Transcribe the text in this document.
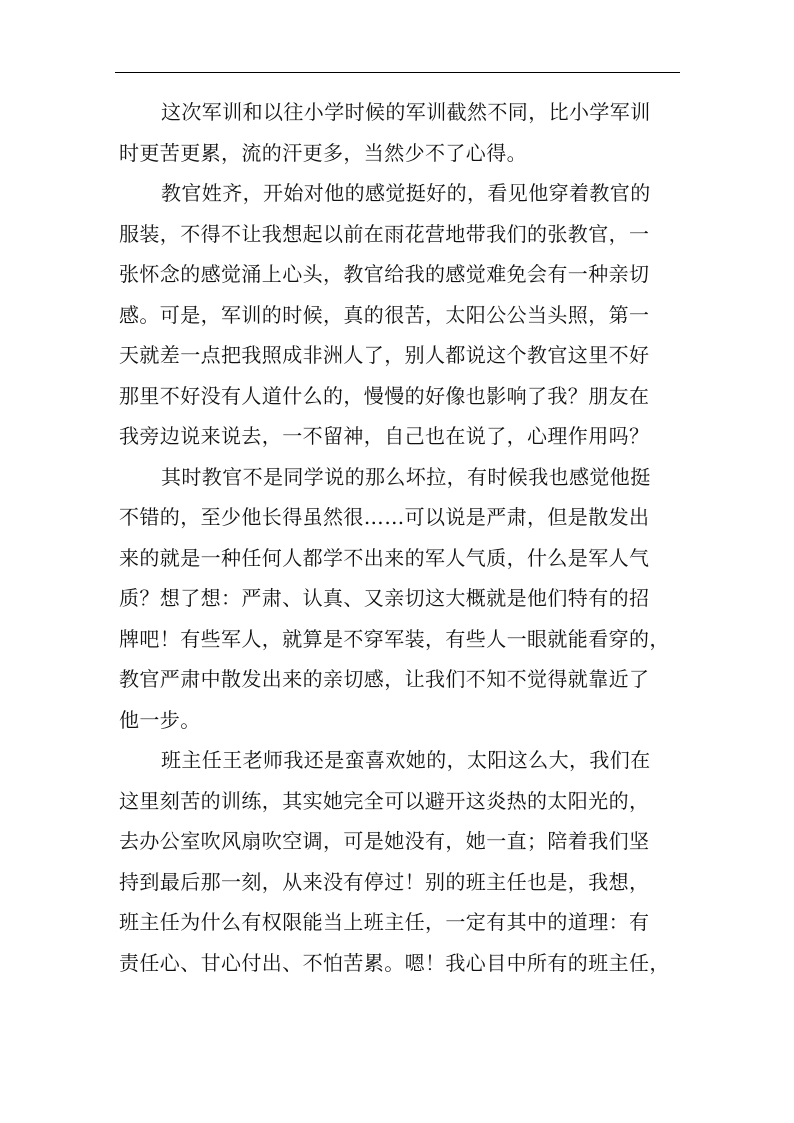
这次军训和以往小学时候的军训截然不同，比小学军训
时更苦更累，流的汗更多，当然少不了心得。
教官姓齐，开始对他的感觉挺好的，看见他穿着教官的
服装，不得不让我想起以前在雨花营地带我们的张教官，一
张怀念的感觉涌上心头，教官给我的感觉难免会有一种亲切
感。可是，军训的时候，真的很苦，太阳公公当头照，第一
天就差一点把我照成非洲人了，别人都说这个教官这里不好
那里不好没有人道什么的，慢慢的好像也影响了我？朋友在
我旁边说来说去，一不留神，自己也在说了，心理作用吗？
其时教官不是同学说的那么坏拉，有时候我也感觉他挺
不错的，至少他长得虽然很……可以说是严肃，但是散发出
来的就是一种任何人都学不出来的军人气质，什么是军人气
质？想了想：严肃、认真、又亲切这大概就是他们特有的招
牌吧！有些军人，就算是不穿军装，有些人一眼就能看穿的，
教官严肃中散发出来的亲切感，让我们不知不觉得就靠近了
他一步。
班主任王老师我还是蛮喜欢她的，太阳这么大，我们在
这里刻苦的训练，其实她完全可以避开这炎热的太阳光的，
去办公室吹风扇吹空调，可是她没有，她一直；陪着我们坚
持到最后那一刻，从来没有停过！别的班主任也是，我想，
班主任为什么有权限能当上班主任，一定有其中的道理：有
责任心、甘心付出、不怕苦累。嗯！我心目中所有的班主任，
